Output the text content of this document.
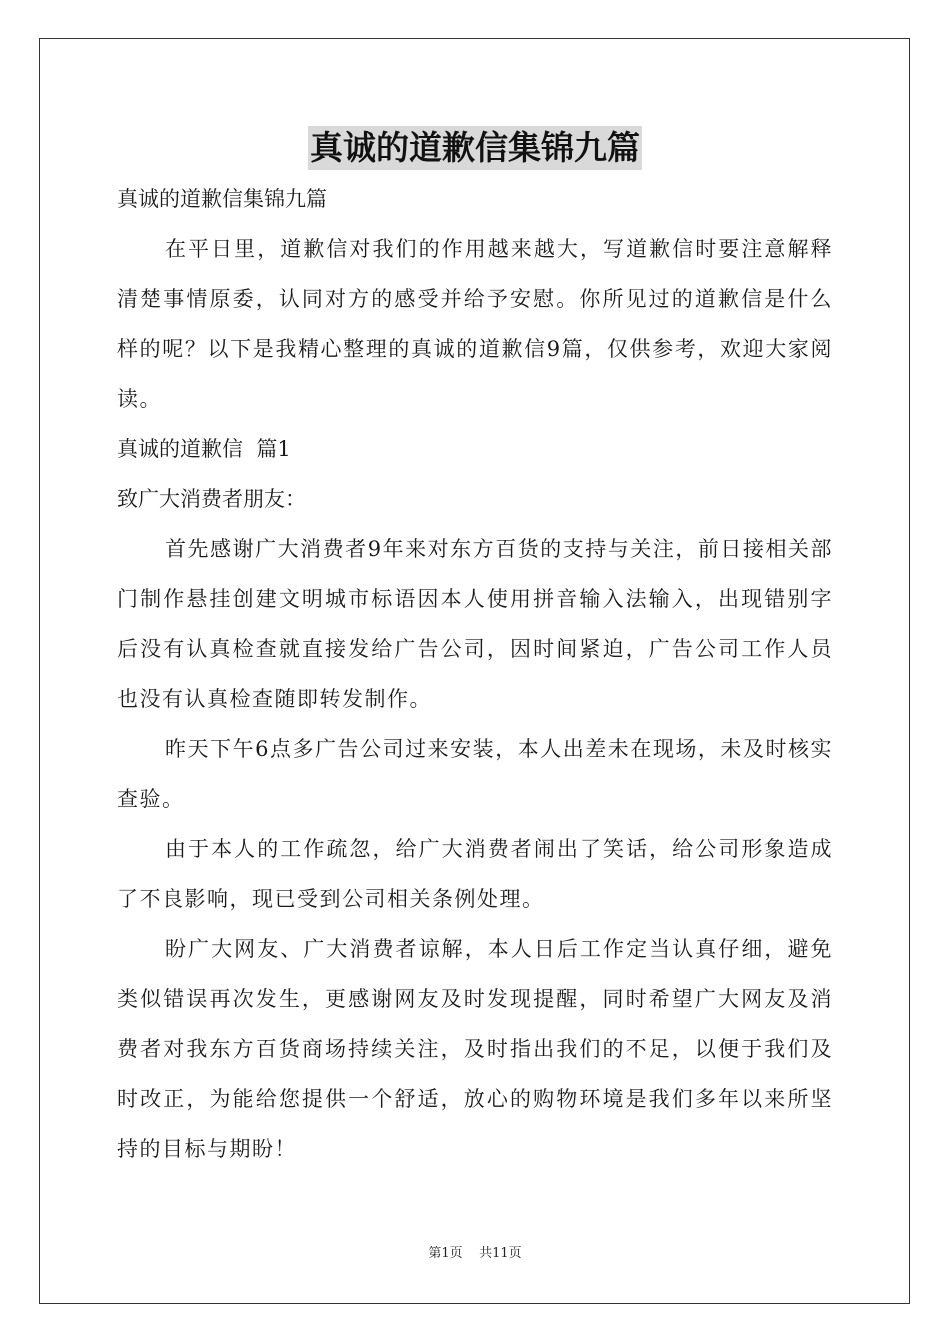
真诚的道歉信集锦九篇
真诚的道歉信集锦九篇

在平日里，道歉信对我们的作用越来越大，写道歉信时要注意解释清楚事情原委，认同对方的感受并给予安慰。你所见过的道歉信是什么样的呢？以下是我精心整理的真诚的道歉信9篇，仅供参考，欢迎大家阅读。

真诚的道歉信  篇1
致广大消费者朋友：

首先感谢广大消费者9年来对东方百货的支持与关注，前日接相关部门制作悬挂创建文明城市标语因本人使用拼音输入法输入，出现错别字后没有认真检查就直接发给广告公司，因时间紧迫，广告公司工作人员也没有认真检查随即转发制作。

昨天下午6点多广告公司过来安装，本人出差未在现场，未及时核实查验。

由于本人的工作疏忽，给广大消费者闹出了笑话，给公司形象造成了不良影响，现已受到公司相关条例处理。

盼广大网友、广大消费者谅解，本人日后工作定当认真仔细，避免类似错误再次发生，更感谢网友及时发现提醒，同时希望广大网友及消费者对我东方百货商场持续关注，及时指出我们的不足，以便于我们及时改正，为能给您提供一个舒适，放心的购物环境是我们多年以来所坚持的目标与期盼！

第1页 共11页
